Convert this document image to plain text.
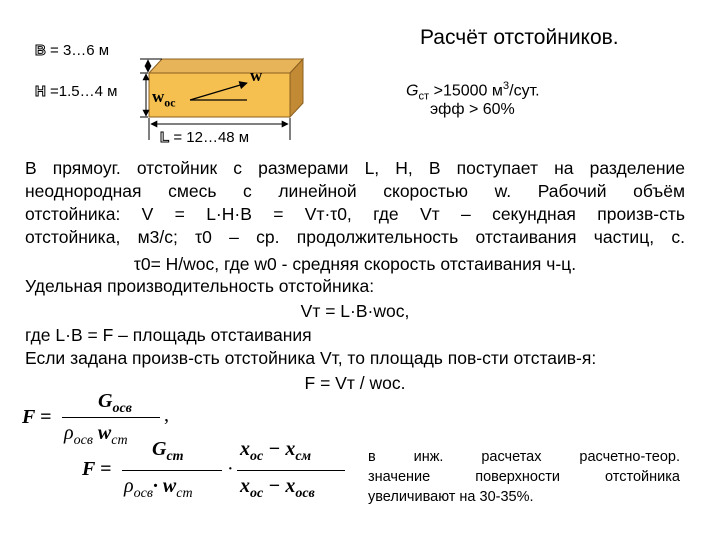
Расчёт отстойников.
B = 3…6 м
H =1.5…4 м
L = 12…48 м
w
$w_{ос}$
$G_{ст} >15000$ $м^3$/сут.
эфф > 60%
В прямоуг. отстойник с размерами L, H, B поступает на разделение
неоднородная смесь с линейной скоростью w. Рабочий объём
отстойника: V = L·H·B = Vт·τ0, где Vт – секундная произв-сть
отстойника, м3/с; τ0 – ср. продолжительность отстаивания частиц, с.
τ0= H/wос, где w0 - средняя скорость отстаивания ч-ц.
Удельная производительность отстойника:
Vт = L·B·wос,
где L·B = F – площадь отстаивания
Если задана произв-сть отстойника Vт, то площадь пов-сти отстаив-я:
F = Vт / wос.
F =
$G_{осв}$
$\rho_{осв}$ $w_{ст}$
,
F =
$G_{ст}$
$\rho_{осв}\cdot w_{ст}$
·
$x_{ос} - x_{см}$
$x_{ос} - x_{осв}$
в инж. расчетах расчетно-теор.
значение поверхности отстойника
увеличивают на 30-35%.
